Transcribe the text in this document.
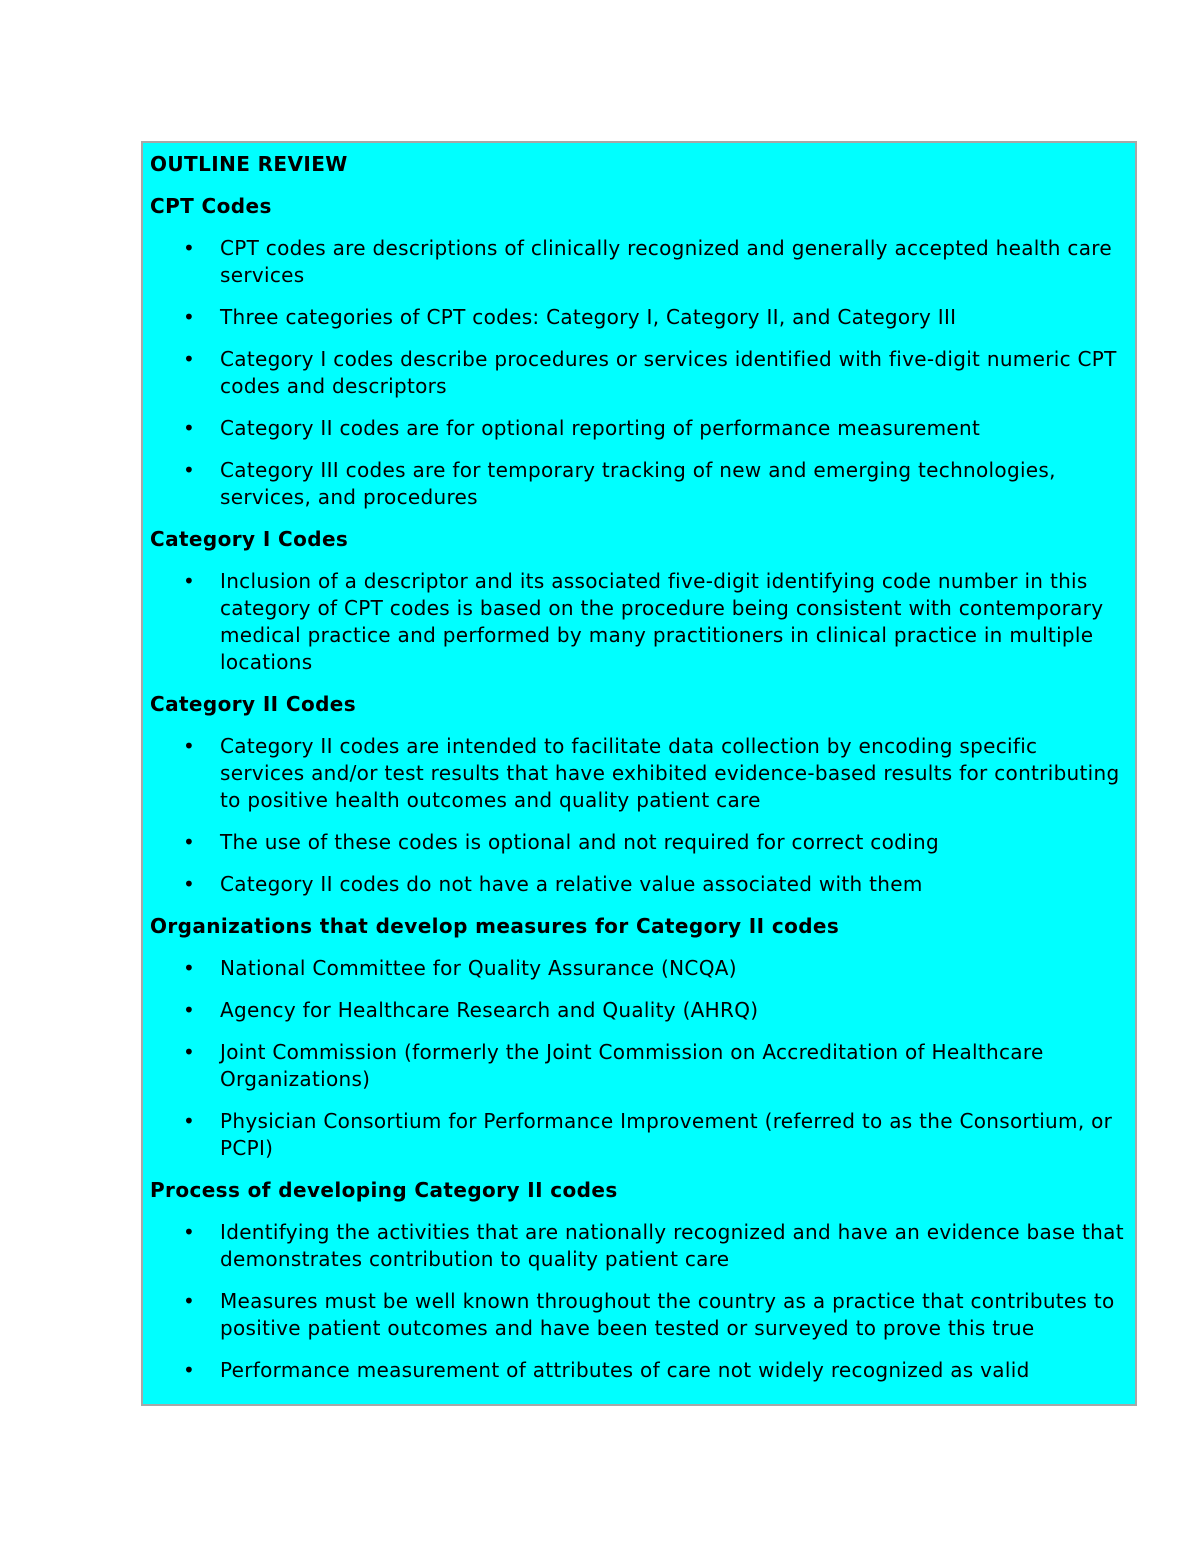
OUTLINE REVIEW
CPT Codes
• CPT codes are descriptions of clinically recognized and generally accepted health care services
• Three categories of CPT codes: Category I, Category II, and Category III
• Category I codes describe procedures or services identified with five-digit numeric CPT codes and descriptors
• Category II codes are for optional reporting of performance measurement
• Category III codes are for temporary tracking of new and emerging technologies, services, and procedures
Category I Codes
• Inclusion of a descriptor and its associated five-digit identifying code number in this category of CPT codes is based on the procedure being consistent with contemporary medical practice and performed by many practitioners in clinical practice in multiple locations
Category II Codes
• Category II codes are intended to facilitate data collection by encoding specific services and/or test results that have exhibited evidence-based results for contributing to positive health outcomes and quality patient care
• The use of these codes is optional and not required for correct coding
• Category II codes do not have a relative value associated with them
Organizations that develop measures for Category II codes
• National Committee for Quality Assurance (NCQA)
• Agency for Healthcare Research and Quality (AHRQ)
• Joint Commission (formerly the Joint Commission on Accreditation of Healthcare Organizations)
• Physician Consortium for Performance Improvement (referred to as the Consortium, or PCPI)
Process of developing Category II codes
• Identifying the activities that are nationally recognized and have an evidence base that demonstrates contribution to quality patient care
• Measures must be well known throughout the country as a practice that contributes to positive patient outcomes and have been tested or surveyed to prove this true
• Performance measurement of attributes of care not widely recognized as valid
